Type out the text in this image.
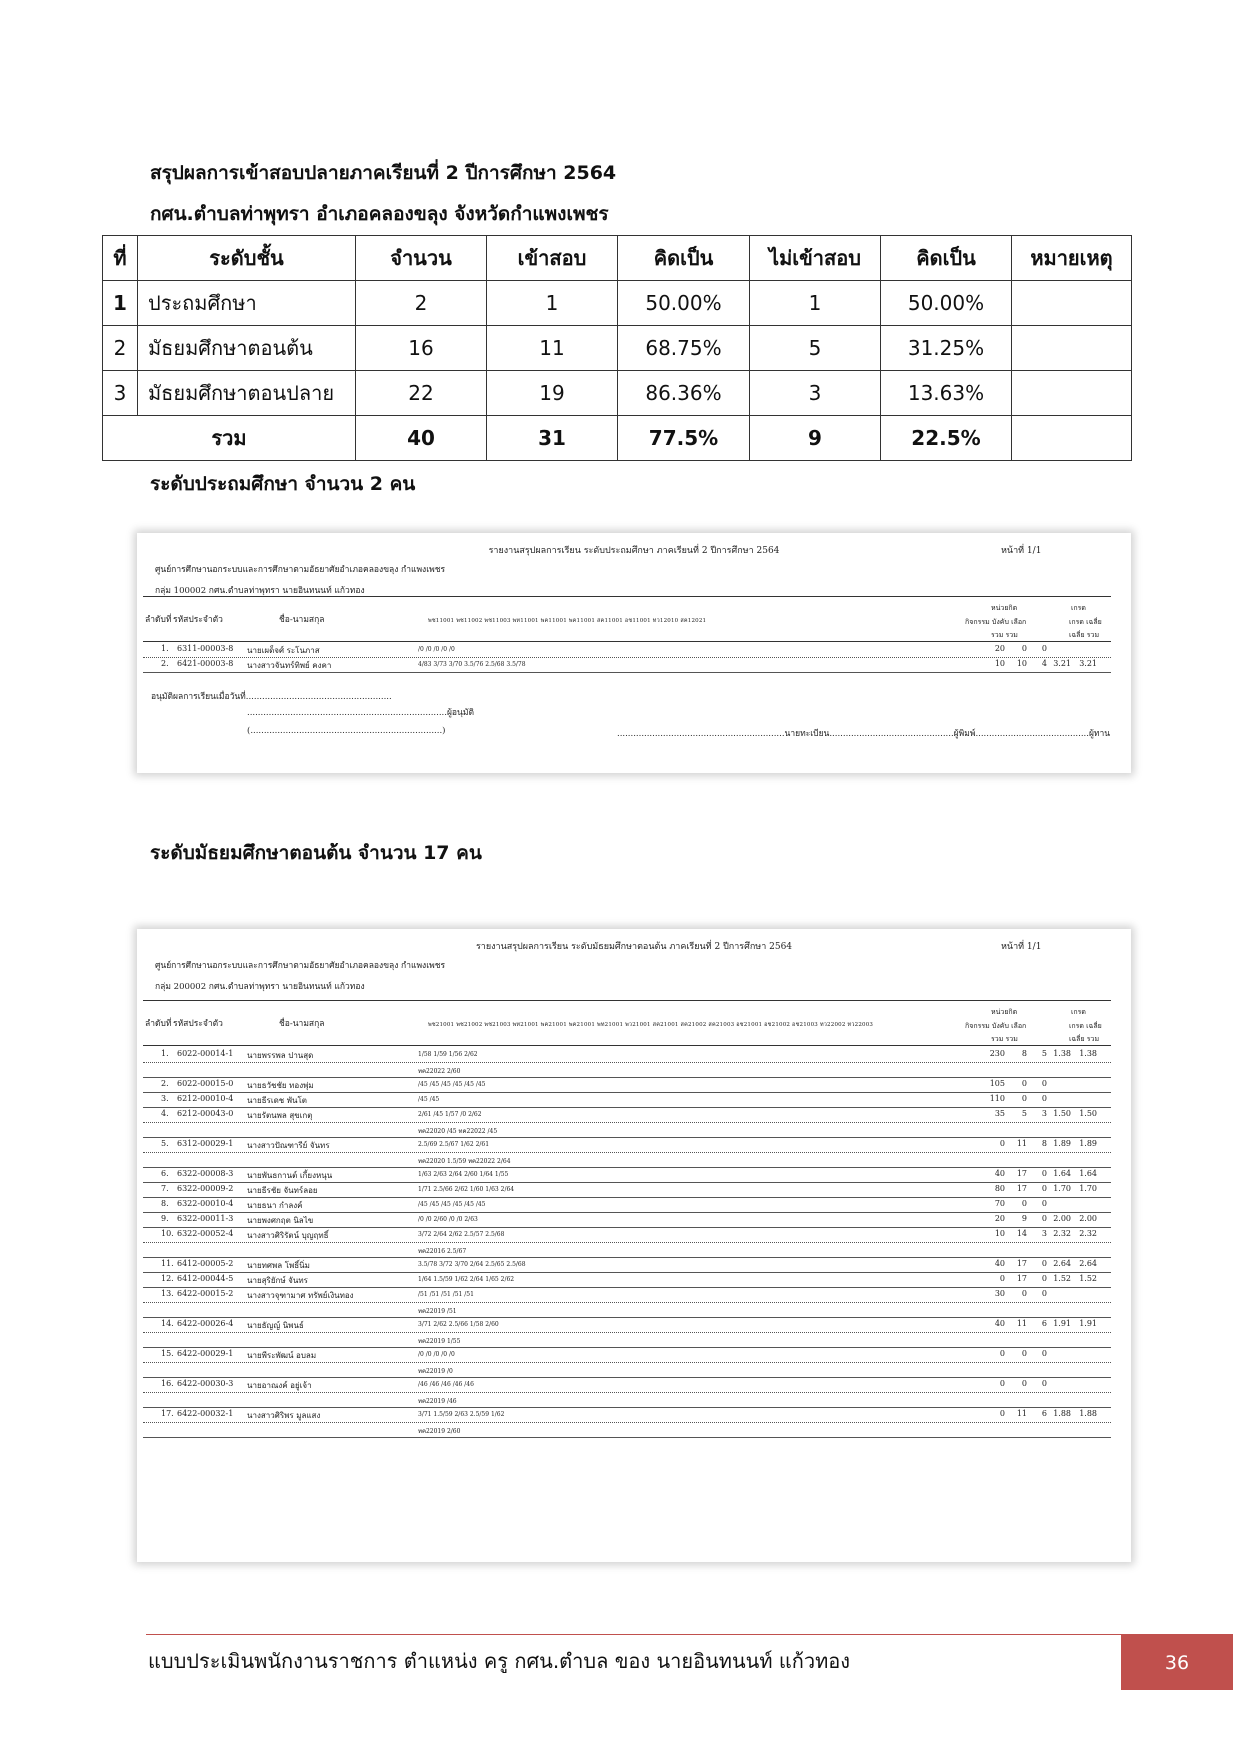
สรุปผลการเข้าสอบปลายภาคเรียนที่ 2 ปีการศึกษา 2564
กศน.ตำบลท่าพุทรา อำเภอคลองขลุง จังหวัดกำแพงเพชร
ที่	ระดับชั้น	จำนวน	เข้าสอบ	คิดเป็น	ไม่เข้าสอบ	คิดเป็น	หมายเหตุ
1	ประถมศึกษา	2	1	50.00%	1	50.00%	
2	มัธยมศึกษาตอนต้น	16	11	68.75%	5	31.25%	
3	มัธยมศึกษาตอนปลาย	22	19	86.36%	3	13.63%	
รวม		40	31	77.5%	9	22.5%	
ระดับประถมศึกษา จำนวน 2 คน
รายงานสรุปผลการเรียน ระดับประถมศึกษา ภาคเรียนที่ 2 ปีการศึกษา 2564	หน้าที่ 1/1
ศูนย์การศึกษานอกระบบและการศึกษาตามอัธยาศัยอำเภอคลองขลุง กำแพงเพชร
กลุ่ม 100002 กศน.ตำบลท่าพุทรา นายอินทนนท์ แก้วทอง
ลำดับที่ รหัสประจำตัว	ชื่อ-นามสกุล	พช11001 พช11002 พช11003 พท11001 พค11001 พค11001 สค11001 อช11001 ทว12010 สค12021
หน่วยกิต
กิจกรรม บังคับ เลือก
รวม รวม
เกรด
เกรด เฉลี่ย
เฉลี่ย รวม
1. 6311-00003-8 นายเผด็จศ์ ระโนภาส	/0 /0 /0 /0 /0	20	0	0
2. 6421-00003-8 นางสาวจันทร์ทิพย์ คงคา	4/83 3/73 3/70 3.5/76 2.5/68 3.5/78	10	10	4 3.21	3.21
อนุมัติผลการเรียนเมื่อวันที่......................................................
..........................................................................ผู้อนุมัติ
(.......................................................................)	..............................................................นายทะเบียน..............................................ผู้พิมพ์..........................................ผู้ทาน
ระดับมัธยมศึกษาตอนต้น จำนวน 17 คน
รายงานสรุปผลการเรียน ระดับมัธยมศึกษาตอนต้น ภาคเรียนที่ 2 ปีการศึกษา 2564	หน้าที่ 1/1
ศูนย์การศึกษานอกระบบและการศึกษาตามอัธยาศัยอำเภอคลองขลุง กำแพงเพชร
กลุ่ม 200002 กศน.ตำบลท่าพุทรา นายอินทนนท์ แก้วทอง
ลำดับที่ รหัสประจำตัว	ชื่อ-นามสกุล	พช21001 พช21002 พช21003 พท21001 พค21001 พค21001 พท21001 พว21001 สค21001 สค21002 สค21003 อช21001 อช21002 อช21003 ทว22002 ทว22003
หน่วยกิต
กิจกรรม บังคับ เลือก
รวม รวม
เกรด
เกรด เฉลี่ย
เฉลี่ย รวม
1. 6022-00014-1 นายพรรพล ปานสุด	1/58 1/59 1/56 2/62	230	8	5 1.38	1.38
ทค22022 2/60
2. 6022-00015-0 นายธวัชชัย ทองพุ่ม	/45 /45 /45 /45 /45 /45	105	0	0
3. 6212-00010-4 นายธีรเดช พันโต	/45 /45	110	0	0
4. 6212-00043-0 นายรัตนพล สุขเกตุ	2/61 /45 1/57 /0 2/62	35	5	3 1.50	1.50
ทค22020 /45 ทค22022 /45
5. 6312-00029-1 นางสาวปัณฑารีย์ จันทร	2.5/69 2.5/67 1/62 2/61	0	11	8 1.89	1.89
ทค22020 1.5/59 ทค22022 2/64
6. 6322-00008-3 นายพันธกานต์ เกี้ยงหนุน	1/63 2/63 2/64 2/60 1/64 1/55	40	17	0 1.64	1.64
7. 6322-00009-2 นายธีรชัย จันทร์ลอย	1/71 2.5/66 2/62 1/60 1/63 2/64	80	17	0 1.70	1.70
8. 6322-00010-4 นายธนา กำลงค์	/45 /45 /45 /45 /45 /45	70	0	0
9. 6322-00011-3 นายพงศกฤต นิลไข	/0 /0 2/60 /0 /0 2/63	20	9	0 2.00	2.00
10. 6322-00052-4 นางสาวศิริรัตน์ บุญฤทธิ์	3/72 2/64 2/62 2.5/57 2.5/68	10	14	3 2.32	2.32
ทค22016 2.5/67
11. 6412-00005-2 นายทศพล โพธิ์นิ่ม	3.5/78 3/72 3/70 2/64 2.5/65 2.5/68	40	17	0 2.64	2.64
12. 6412-00044-5 นายสุริยักษ์ จันทร	1/64 1.5/59 1/62 2/64 1/65 2/62	0	17	0 1.52	1.52
13. 6422-00015-2 นางสาวจุฑามาศ ทรัพย์เงินทอง	/51 /51 /51 /51 /51	30	0	0
ทค22019 /51
14. 6422-00026-4 นายธัญญ์ นิพนธ์	3/71 2/62 2.5/66 1/58 2/60	40	11	6 1.91	1.91
ทค22019 1/55
15. 6422-00029-1 นายพีระพัฒน์ อบลม	/0 /0 /0 /0 /0	0	0	0
ทค22019 /0
16. 6422-00030-3 นายอาณงค์ อยู่เจ้า	/46 /46 /46 /46 /46	0	0	0
ทค22019 /46
17. 6422-00032-1 นางสาวศิริพร มูลแสง	3/71 1.5/59 2/63 2.5/59 1/62	0	11	6 1.88	1.88
ทค22019 2/60
แบบประเมินพนักงานราชการ ตำแหน่ง ครู กศน.ตำบล ของ นายอินทนนท์ แก้วทอง	36
